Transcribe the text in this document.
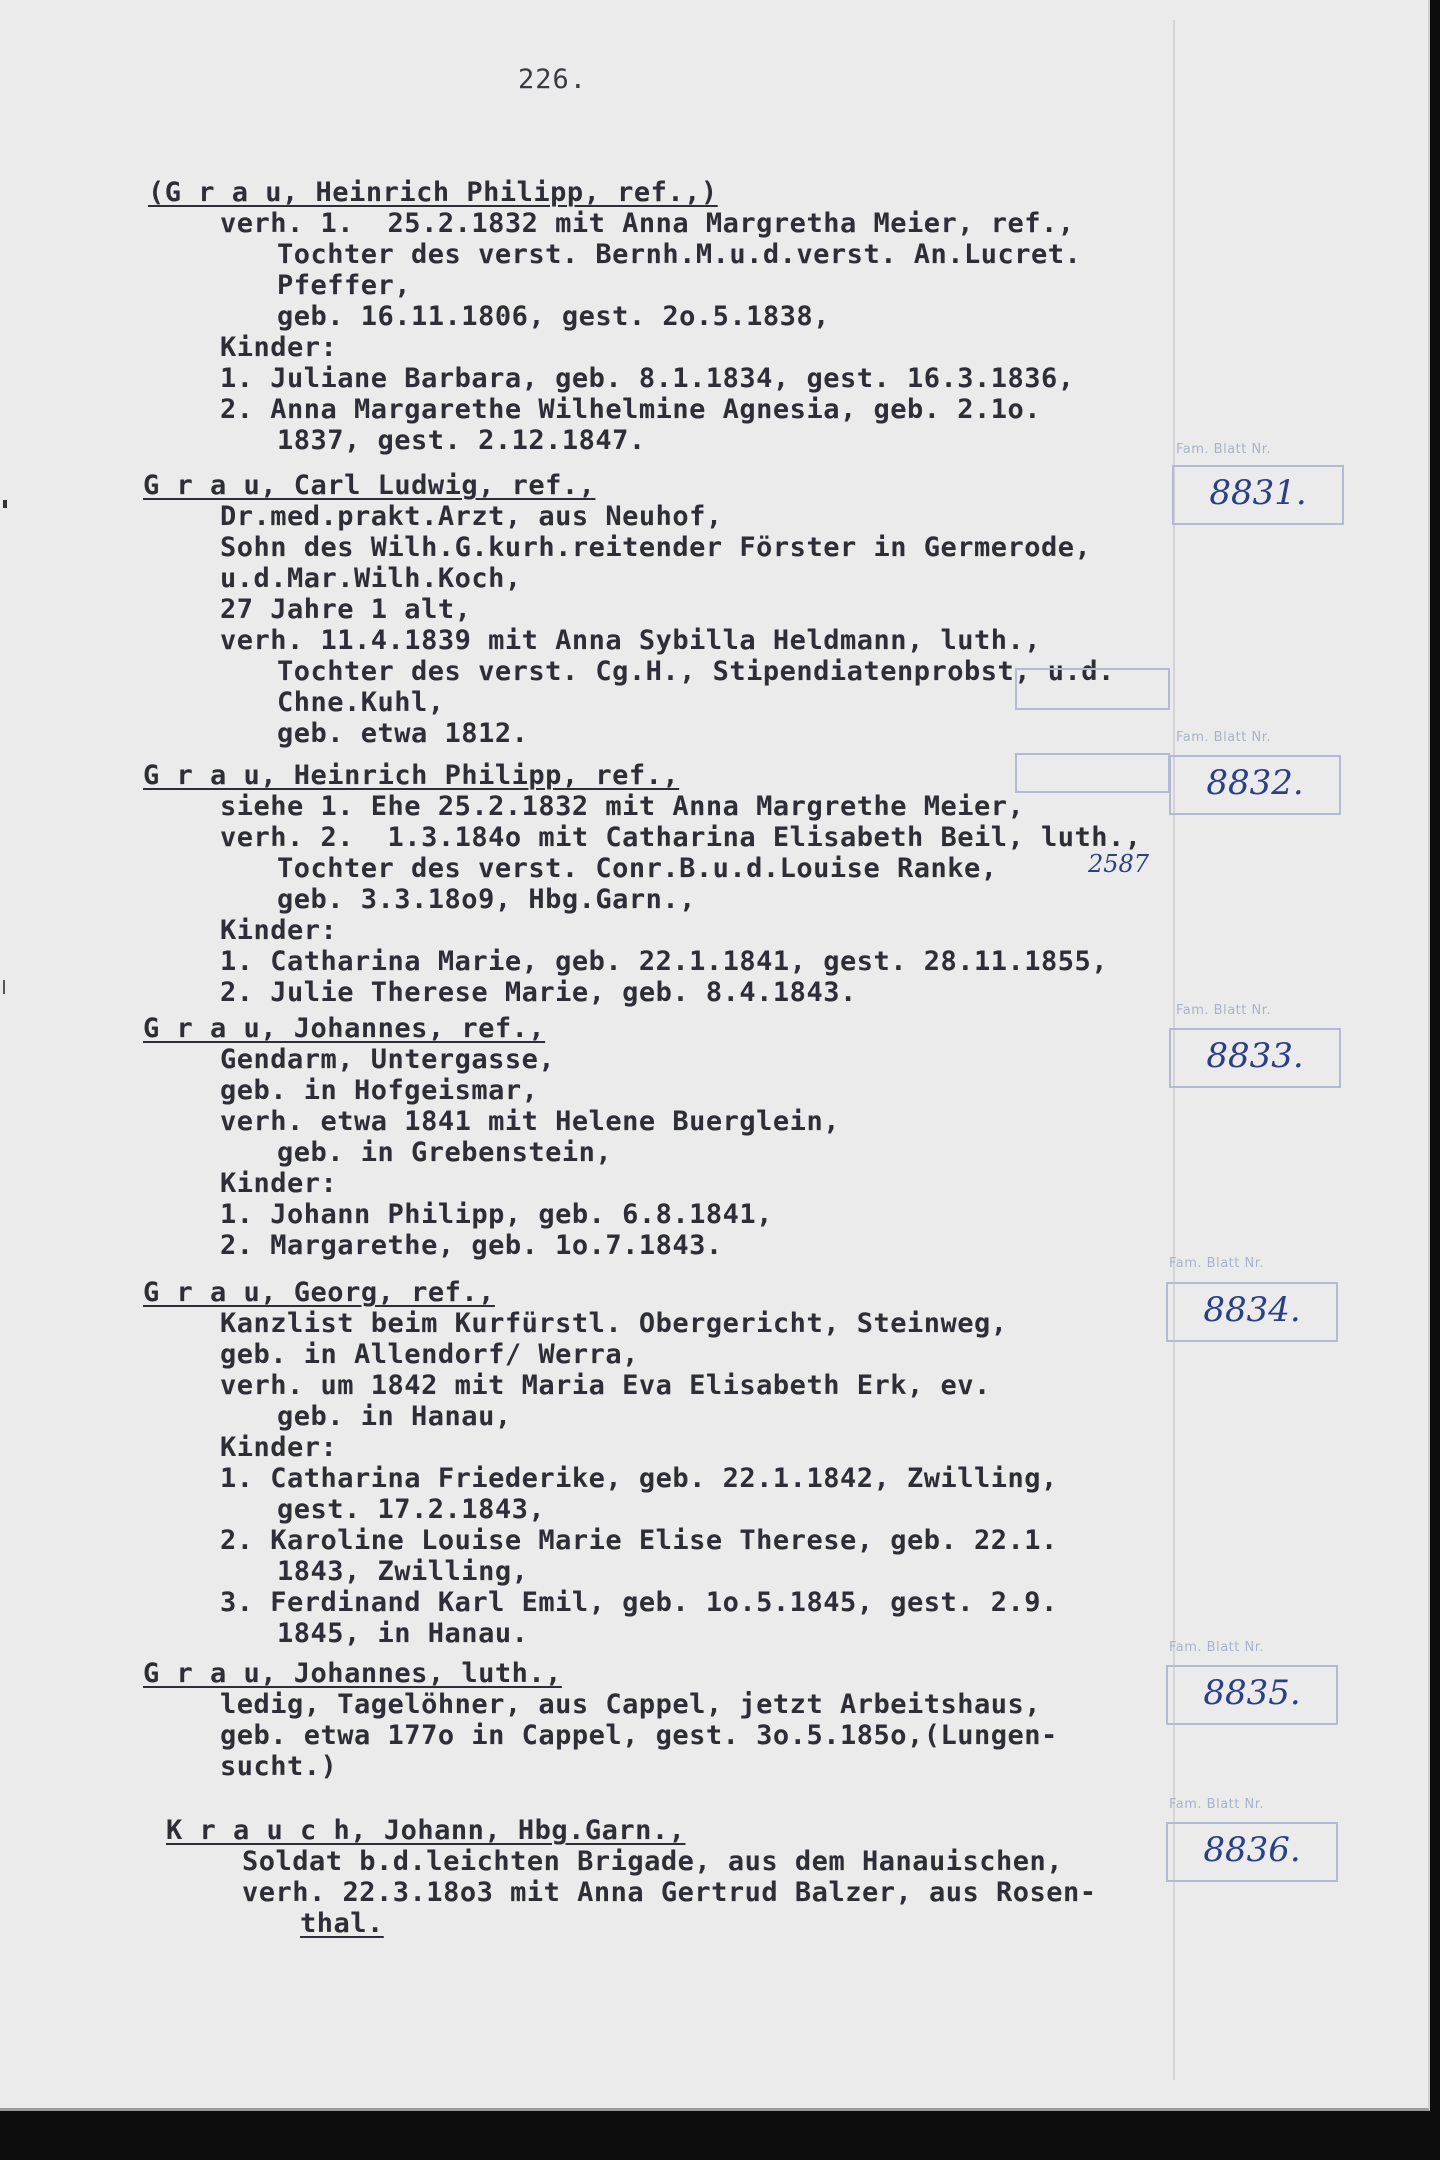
226.
(G r a u, Heinrich Philipp, ref.,)
verh. 1.  25.2.1832 mit Anna Margretha Meier, ref.,
Tochter des verst. Bernh.M.u.d.verst. An.Lucret.
Pfeffer,
geb. 16.11.1806, gest. 2o.5.1838,
Kinder:
1. Juliane Barbara, geb. 8.1.1834, gest. 16.3.1836,
2. Anna Margarethe Wilhelmine Agnesia, geb. 2.1o.
1837, gest. 2.12.1847.
G r a u, Carl Ludwig, ref.,
Dr.med.prakt.Arzt, aus Neuhof,
Sohn des Wilh.G.kurh.reitender Förster in Germerode,
u.d.Mar.Wilh.Koch,
27 Jahre 1 alt,
verh. 11.4.1839 mit Anna Sybilla Heldmann, luth.,
Tochter des verst. Cg.H., Stipendiatenprobst, u.d.
Chne.Kuhl,
geb. etwa 1812.
Fam. Blatt Nr.
8831.
G r a u, Heinrich Philipp, ref.,
siehe 1. Ehe 25.2.1832 mit Anna Margrethe Meier,
verh. 2.  1.3.184o mit Catharina Elisabeth Beil, luth.,
Tochter des verst. Conr.B.u.d.Louise Ranke,
geb. 3.3.18o9, Hbg.Garn.,
Kinder:
1. Catharina Marie, geb. 22.1.1841, gest. 28.11.1855,
2. Julie Therese Marie, geb. 8.4.1843.
2587
Fam. Blatt Nr.
8832.
G r a u, Johannes, ref.,
Gendarm, Untergasse,
geb. in Hofgeismar,
verh. etwa 1841 mit Helene Buerglein,
geb. in Grebenstein,
Kinder:
1. Johann Philipp, geb. 6.8.1841,
2. Margarethe, geb. 1o.7.1843.
Fam. Blatt Nr.
8833.
G r a u, Georg, ref.,
Kanzlist beim Kurfürstl. Obergericht, Steinweg,
geb. in Allendorf/ Werra,
verh. um 1842 mit Maria Eva Elisabeth Erk, ev.
geb. in Hanau,
Kinder:
1. Catharina Friederike, geb. 22.1.1842, Zwilling,
gest. 17.2.1843,
2. Karoline Louise Marie Elise Therese, geb. 22.1.
1843, Zwilling,
3. Ferdinand Karl Emil, geb. 1o.5.1845, gest. 2.9.
1845, in Hanau.
Fam. Blatt Nr.
8834.
G r a u, Johannes, luth.,
ledig, Tagelöhner, aus Cappel, jetzt Arbeitshaus,
geb. etwa 177o in Cappel, gest. 3o.5.185o,(Lungen-
sucht.)
Fam. Blatt Nr.
8835.
K r a u c h, Johann, Hbg.Garn.,
Soldat b.d.leichten Brigade, aus dem Hanauischen,
verh. 22.3.18o3 mit Anna Gertrud Balzer, aus Rosen-
thal.
Fam. Blatt Nr.
8836.
